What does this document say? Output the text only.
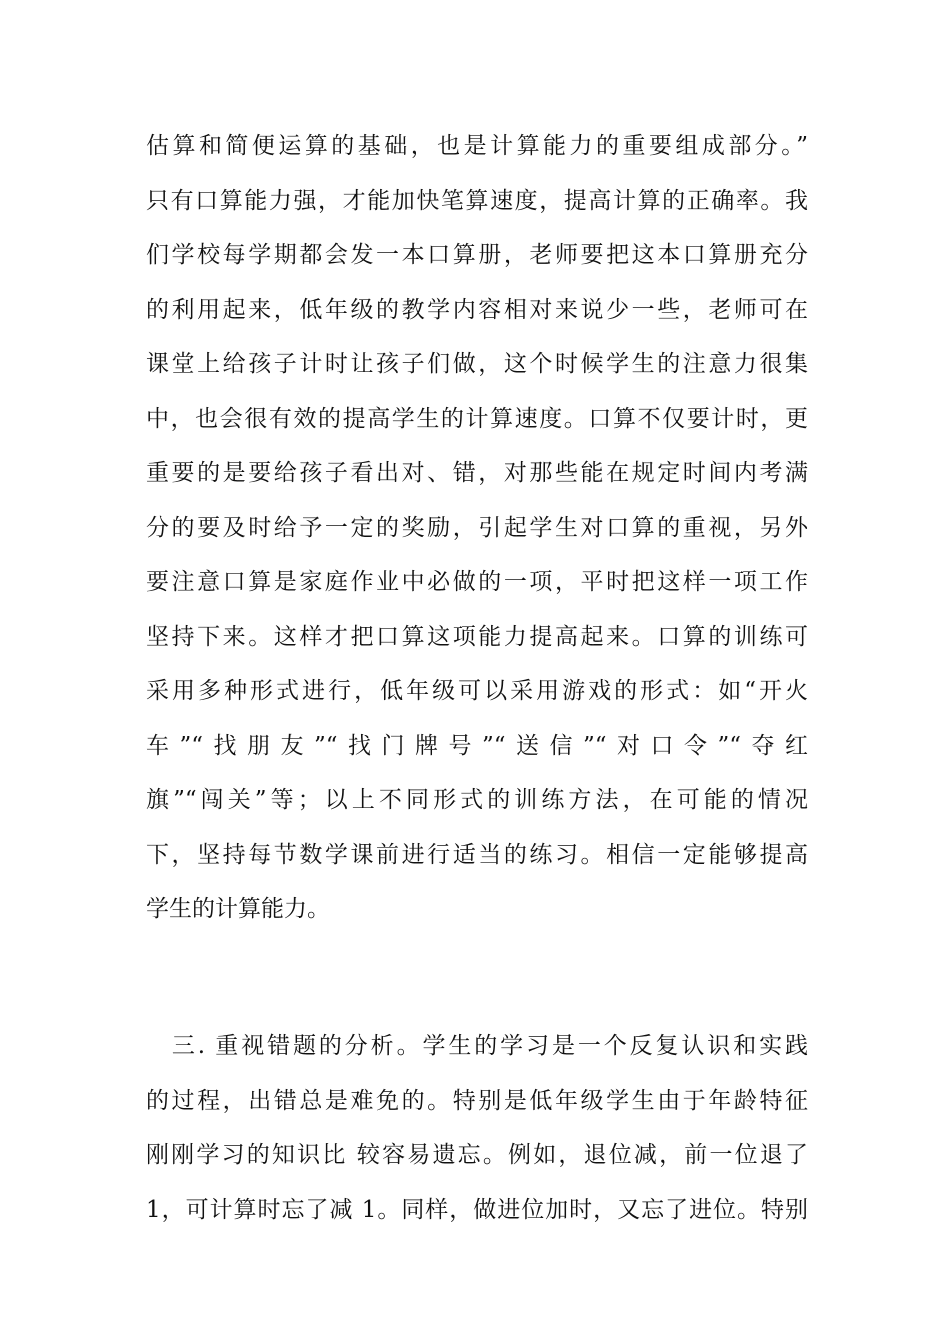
估算和简便运算的基础，也是计算能力的重要组成部分。”
只有口算能力强，才能加快笔算速度，提高计算的正确率。我
们学校每学期都会发一本口算册，老师要把这本口算册充分
的利用起来，低年级的教学内容相对来说少一些，老师可在
课堂上给孩子计时让孩子们做，这个时候学生的注意力很集
中，也会很有效的提高学生的计算速度。口算不仅要计时，更
重要的是要给孩子看出对、错，对那些能在规定时间内考满
分的要及时给予一定的奖励，引起学生对口算的重视，另外
要注意口算是家庭作业中必做的一项，平时把这样一项工作
坚持下来。这样才把口算这项能力提高起来。口算的训练可
采用多种形式进行，低年级可以采用游戏的形式：如“开火
车”“找朋友”“找门牌号”“送信”“对口令”“夺红
旗”“闯关”等；以上不同形式的训练方法，在可能的情况
下，坚持每节数学课前进行适当的练习。相信一定能够提高
学生的计算能力。
　三. 重视错题的分析。学生的学习是一个反复认识和实践
的过程，出错总是难免的。特别是低年级学生由于年龄特征
刚刚学习的知识比 较容易遗忘。例如，退位减，前一位退了
1，可计算时忘了减 1。同样，做进位加时，又忘了进位。特别
